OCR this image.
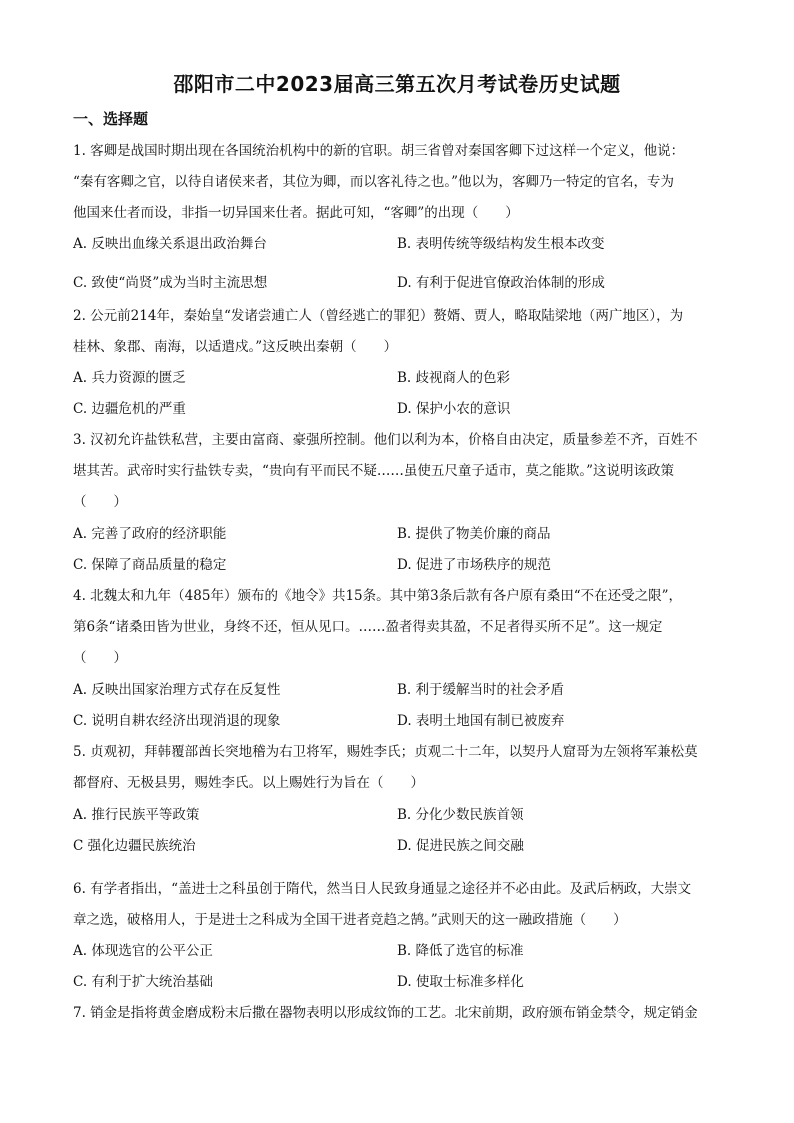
邵阳市二中2023届高三第五次月考试卷历史试题
一、选择题
1. 客卿是战国时期出现在各国统治机构中的新的官职。胡三省曾对秦国客卿下过这样一个定义，他说：
“秦有客卿之官，以待自诸侯来者，其位为卿，而以客礼待之也。”他以为，客卿乃一特定的官名，专为
他国来仕者而设，非指一切异国来仕者。据此可知，“客卿”的出现（　　）
A. 反映出血缘关系退出政治舞台	B. 表明传统等级结构发生根本改变
C. 致使“尚贤”成为当时主流思想	D. 有利于促进官僚政治体制的形成
2. 公元前214年，秦始皇“发诸尝逋亡人（曾经逃亡的罪犯）赘婿、贾人，略取陆梁地（两广地区），为
桂林、象郡、南海，以适遣戍。”这反映出秦朝（　　）
A. 兵力资源的匮乏	B. 歧视商人的色彩
C. 边疆危机的严重	D. 保护小农的意识
3. 汉初允许盐铁私营，主要由富商、豪强所控制。他们以利为本，价格自由决定，质量参差不齐，百姓不
堪其苦。武帝时实行盐铁专卖，“贵向有平而民不疑……虽使五尺童子适市，莫之能欺。”这说明该政策
（　　）
A. 完善了政府的经济职能	B. 提供了物美价廉的商品
C. 保障了商品质量的稳定	D. 促进了市场秩序的规范
4. 北魏太和九年（485年）颁布的《地令》共15条。其中第3条后款有各户原有桑田“不在还受之限”，
第6条“诸桑田皆为世业，身终不还，恒从见口。……盈者得卖其盈，不足者得买所不足”。这一规定
（　　）
A. 反映出国家治理方式存在反复性	B. 利于缓解当时的社会矛盾
C. 说明自耕农经济出现消退的现象	D. 表明土地国有制已被废弃
5. 贞观初，拜韩覆部酋长突地稽为右卫将军，赐姓李氏；贞观二十二年，以契丹人窟哥为左领将军兼松莫
都督府、无极县男，赐姓李氏。以上赐姓行为旨在（　　）
A. 推行民族平等政策	B. 分化少数民族首领
C 强化边疆民族统治	D. 促进民族之间交融
6. 有学者指出，“盖进士之科虽创于隋代，然当日人民致身通显之途径并不必由此。及武后柄政，大崇文
章之选，破格用人，于是进士之科成为全国干进者竞趋之鹄。”武则天的这一融政措施（　　）
A. 体现选官的公平公正	B. 降低了选官的标准
C. 有利于扩大统治基础	D. 使取士标准多样化
7. 销金是指将黄金磨成粉末后撒在器物表明以形成纹饰的工艺。北宋前期，政府颁布销金禁令，规定销金
